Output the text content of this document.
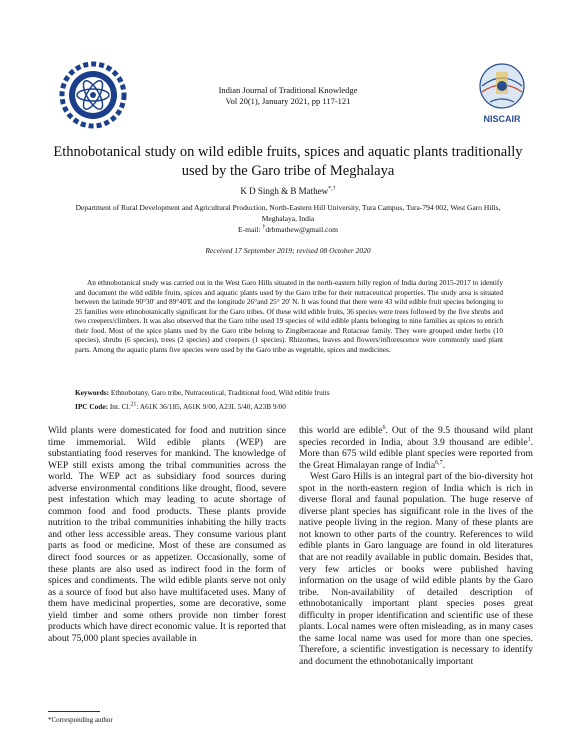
NISCAIR
Indian Journal of Traditional Knowledge
Vol 20(1), January 2021, pp 117-121
Ethnobotanical study on wild edible fruits, spices and aquatic plants traditionally used by the Garo tribe of Meghalaya
K D Singh & B Mathew*,†
Department of Rural Development and Agricultural Production, North-Eastern Hill University, Tura Campus, Tura-794 002, West Garo Hills, Meghalaya, India
E-mail: †drbmathew@gmail.com
Received 17 September 2019; revised 08 October 2020

An ethnobotanical study was carried out in the West Garo Hills situated in the north-eastern hilly region of India during 2015-2017 to identify and document the wild edible fruits, spices and aquatic plants used by the Garo tribe for their nutraceutical properties. The study area is situated between the latitude 90°30' and 89°40'E and the longitude 26°and 25° 20' N. It was found that there were 43 wild edible fruit species belonging to 25 families were ethnobotanically significant for the Garo tribes. Of these wild edible fruits, 36 species were trees followed by the five shrubs and two creepers/climbers. It was also observed that the Garo tribe used 19 species of wild edible plants belonging to nine families as spices to enrich their food. Most of the spice plants used by the Garo tribe belong to Zingiberaceae and Rutaceae family. They were grouped under herbs (10 species), shrubs (6 species), trees (2 species) and creepers (1 species). Rhizomes, leaves and flowers/inflorescence were commonly used plant parts. Among the aquatic plants five species were used by the Garo tribe as vegetable, spices and medicines.

Keywords: Ethnobotany, Garo tribe, Nutraceutical, Traditional food, Wild edible fruits
IPC Code: Int. Cl.$^{21}$: A61K 36/185, A61K 9/00, A23L 5/40, A23B 9/00

Wild plants were domesticated for food and nutrition since time immemorial. Wild edible plants (WEP) are substantiating food reserves for mankind. The knowledge of WEP still exists among the tribal communities across the world. The WEP act as subsidiary food sources during adverse environmental conditions like drought, flood, severe pest infestation which may leading to acute shortage of common food and food products. These plants provide nutrition to the tribal communities inhabiting the hilly tracts and other less accessible areas. They consume various plant parts as food or medicine. Most of these are consumed as direct food sources or as appetizer. Occasionally, some of these plants are also used as indirect food in the form of spices and condiments. The wild edible plants serve not only as a source of food but also have multifaceted uses. Many of them have medicinal properties, some are decorative, some yield timber and some others provide non timber forest products which have direct economic value. It is reported that about 75,000 plant species available in

this world are edible$^6$. Out of the 9.5 thousand wild plant species recorded in India, about 3.9 thousand are edible$^1$. More than 675 wild edible plant species were reported from the Great Himalayan range of India$^{6,7}$.

West Garo Hills is an integral part of the bio-diversity hot spot in the north-eastern region of India which is rich in diverse floral and faunal population. The huge reserve of diverse plant species has significant role in the lives of the native people living in the region. Many of these plants are not known to other parts of the country. References to wild edible plants in Garo language are found in old literatures that are not readily available in public domain. Besides that, very few articles or books were published having information on the usage of wild edible plants by the Garo tribe. Non-availability of detailed description of ethnobotanically important plant species poses great difficulty in proper identification and scientific use of these plants. Local names were often misleading, as in many cases the same local name was used for more than one species. Therefore, a scientific investigation is necessary to identify and document the ethnobotanically important

*Corresponding author
